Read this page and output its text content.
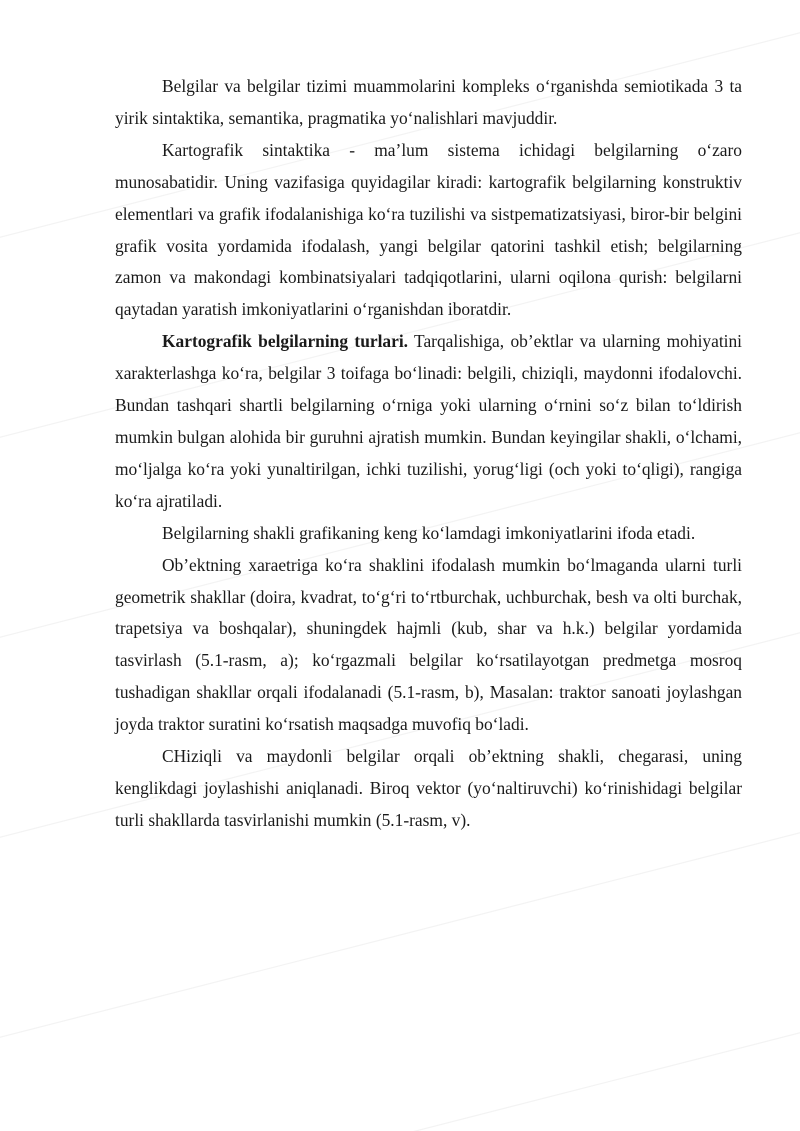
Belgilar va belgilar tizimi muammolarini kompleks o‘rganishda semiotikada 3 ta yirik sintaktika, semantika, pragmatika yo‘nalishlari mavjuddir.

Kartografik sintaktika - ma’lum sistema ichidagi belgilarning o‘zaro munosabatidir. Uning vazifasiga quyidagilar kiradi: kartografik belgilarning konstruktiv elementlari va grafik ifodalanishiga ko‘ra tuzilishi va sistpematizatsiyasi, biror-bir belgini grafik vosita yordamida ifodalash, yangi belgilar qatorini tashkil etish; belgilarning zamon va makondagi kombinatsiyalari tadqiqotlarini, ularni oqilona qurish: belgilarni qaytadan yaratish imkoniyatlarini o‘rganishdan iboratdir.

Kartografik belgilarning turlari. Tarqalishiga, ob’ektlar va ularning mohiyatini xarakterlashga ko‘ra, belgilar 3 toifaga bo‘linadi: belgili, chiziqli, maydonni ifodalovchi. Bundan tashqari shartli belgilarning o‘rniga yoki ularning o‘rnini so‘z bilan to‘ldirish mumkin bulgan alohida bir guruhni ajratish mumkin. Bundan keyingilar shakli, o‘lchami, mo‘ljalga ko‘ra yoki yunaltirilgan, ichki tuzilishi, yorug‘ligi (och yoki to‘qligi), rangiga ko‘ra ajratiladi.

Belgilarning shakli grafikaning keng ko‘lamdagi imkoniyatlarini ifoda etadi.

Ob’ektning xaraetriga ko‘ra shaklini ifodalash mumkin bo‘lmaganda ularni turli geometrik shakllar (doira, kvadrat, to‘g‘ri to‘rtburchak, uchburchak, besh va olti burchak, trapetsiya va boshqalar), shuningdek hajmli (kub, shar va h.k.) belgilar yordamida tasvirlash (5.1-rasm, a); ko‘rgazmali belgilar ko‘rsatilayotgan predmetga mosroq tushadigan shakllar orqali ifodalanadi (5.1-rasm, b), Masalan: traktor sanoati joylashgan joyda traktor suratini ko‘rsatish maqsadga muvofiq bo‘ladi.

CHiziqli va maydonli belgilar orqali ob’ektning shakli, chegarasi, uning kenglikdagi joylashishi aniqlanadi. Biroq vektor (yo‘naltiruvchi) ko‘rinishidagi belgilar turli shakllarda tasvirlanishi mumkin (5.1-rasm, v).
